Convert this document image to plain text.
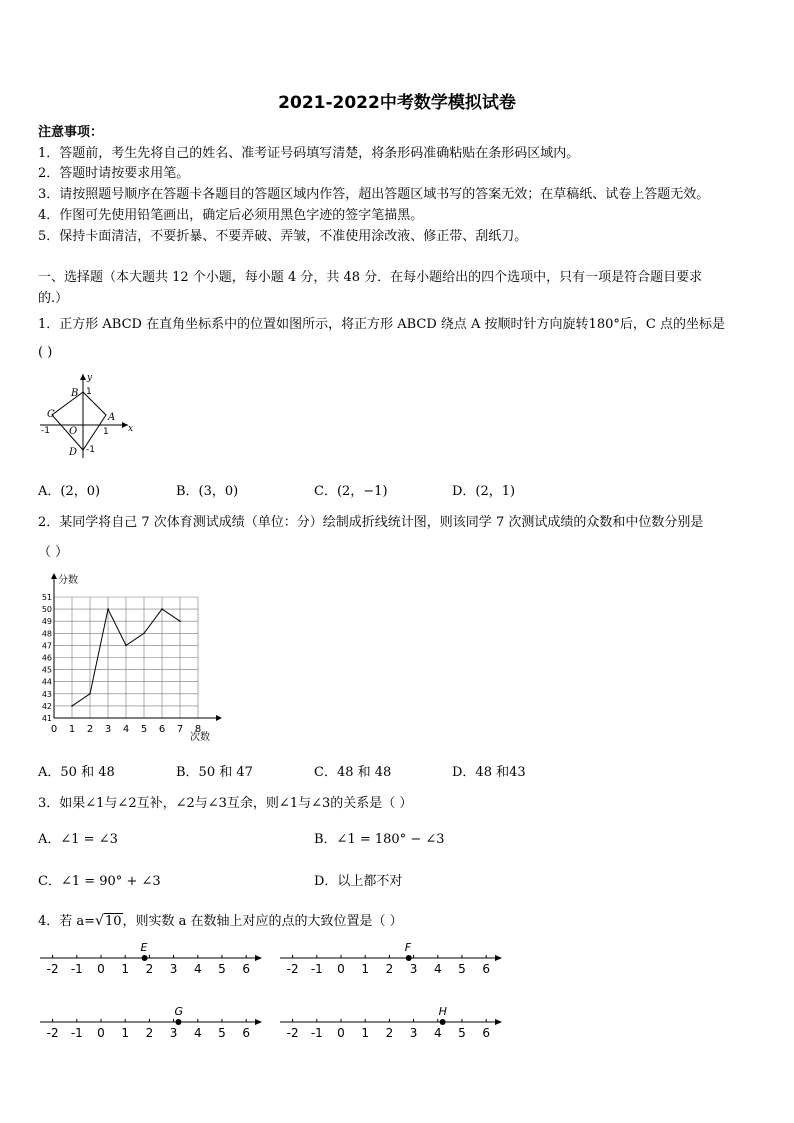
2021-2022中考数学模拟试卷
注意事项：
1．答题前，考生先将自己的姓名、准考证号码填写清楚，将条形码准确粘贴在条形码区域内。
2．答题时请按要求用笔。
3．请按照题号顺序在答题卡各题目的答题区域内作答，超出答题区域书写的答案无效；在草稿纸、试卷上答题无效。
4．作图可先使用铅笔画出，确定后必须用黑色字迹的签字笔描黑。
5．保持卡面清洁，不要折暴、不要弄破、弄皱，不准使用涂改液、修正带、刮纸刀。
一、选择题（本大题共 12 个小题，每小题 4 分，共 48 分．在每小题给出的四个选项中，只有一项是符合题目要求
的.）
1．正方形 ABCD 在直角坐标系中的位置如图所示，将正方形 ABCD 绕点 A 按顺时针方向旋转180°后，C 点的坐标是
( )
y
B 1
C	A
x
-1 O	1
D -1
A．(2，0)	B．(3，0)	C．(2，−1)	D．(2，1)
2．某同学将自己 7 次体育测试成绩（单位：分）绘制成折线统计图，则该同学 7 次测试成绩的众数和中位数分别是
（ ）
0 1 2 3 4 5 6 7 8
41
42
43
44
45
46
47
48
49
50
51
分数
次数
A．50 和 48	B．50 和 47	C．48 和 48	D．48 和43
3．如果∠1与∠2互补，∠2与∠3互余，则∠1与∠3的关系是（ ）
A．∠1 = ∠3	B．∠1 = 180° − ∠3
C．∠1 = 90° + ∠3	D．以上都不对
4．若 a=√10，则实数 a 在数轴上对应的点的大致位置是（ ）
-2 -1 0 1 2 3 4 5 6
E
-2 -1 0 1 2 3 4 5 6
F
-2 -1 0 1 2 3 4 5 6
G
-2 -1 0 1 2 3 4 5 6
H
